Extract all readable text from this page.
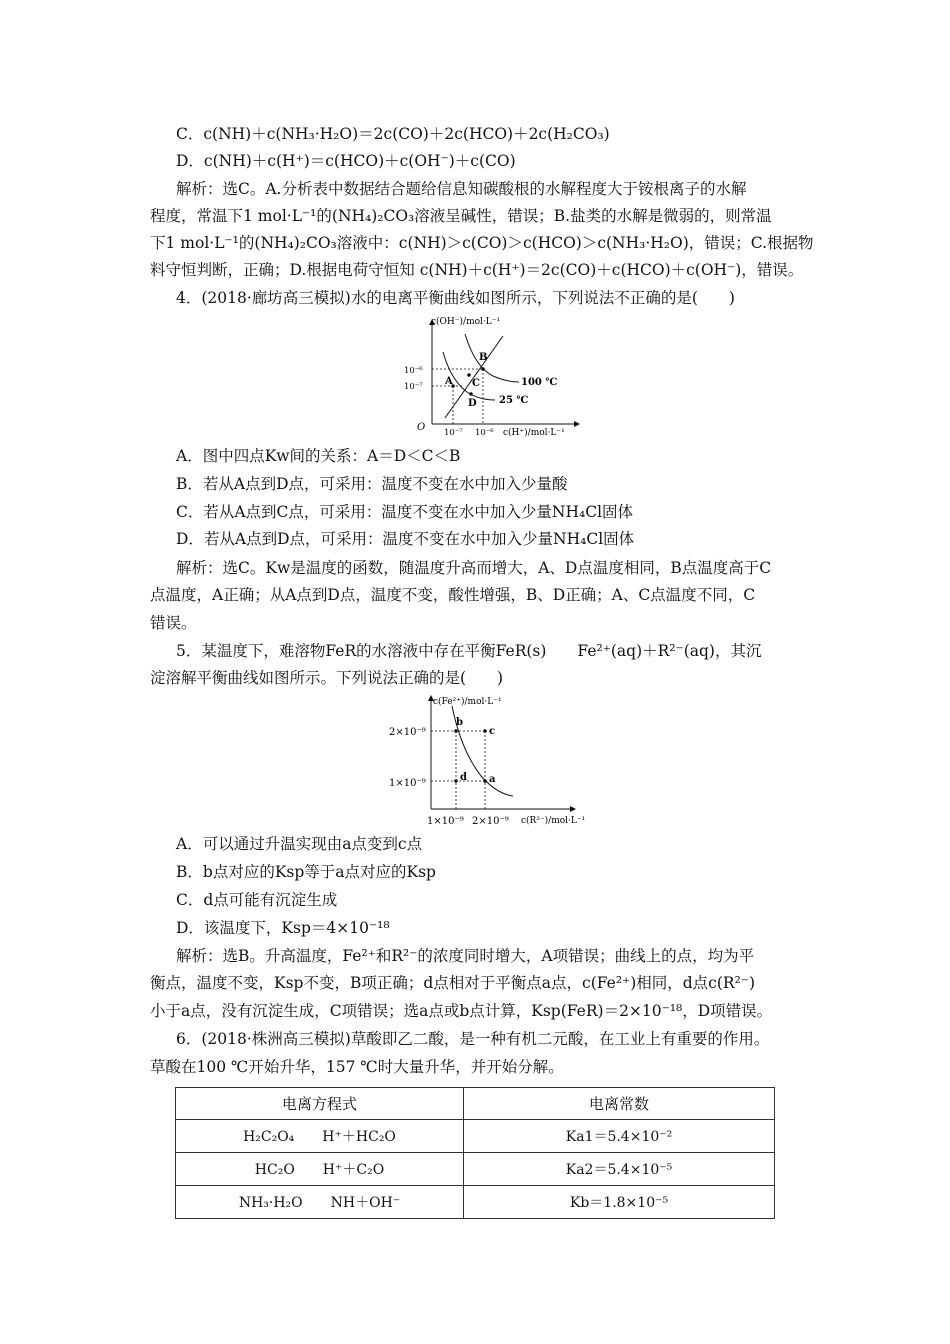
C．c(NH)＋c(NH₃·H₂O)＝2c(CO)＋2c(HCO)＋2c(H₂CO₃)
D．c(NH)＋c(H⁺)＝c(HCO)＋c(OH⁻)＋c(CO)
解析：选C。A.分析表中数据结合题给信息知碳酸根的水解程度大于铵根离子的水解
程度，常温下1 mol·L⁻¹的(NH₄)₂CO₃溶液呈碱性，错误；B.盐类的水解是微弱的，则常温
下1 mol·L⁻¹的(NH₄)₂CO₃溶液中：c(NH)＞c(CO)＞c(HCO)＞c(NH₃·H₂O)，错误；C.根据物
料守恒判断，正确；D.根据电荷守恒知 c(NH)＋c(H⁺)＝2c(CO)＋c(HCO)＋c(OH⁻)，错误。
4．(2018·廊坊高三模拟)水的电离平衡曲线如图所示，下列说法不正确的是(　　)
c(OH⁻)/mol·L⁻¹
c(H⁺)/mol·L⁻¹
O
10⁻⁶
10⁻⁷
10⁻⁷ 10⁻⁶
B
A C
D
100 ℃
25 ℃
A．图中四点Kw间的关系：A＝D＜C＜B
B．若从A点到D点，可采用：温度不变在水中加入少量酸
C．若从A点到C点，可采用：温度不变在水中加入少量NH₄Cl固体
D．若从A点到D点，可采用：温度不变在水中加入少量NH₄Cl固体
解析：选C。Kw是温度的函数，随温度升高而增大，A、D点温度相同，B点温度高于C
点温度，A正确；从A点到D点，温度不变，酸性增强，B、D正确；A、C点温度不同，C
错误。
5．某温度下，难溶物FeR的水溶液中存在平衡FeR(s)　　Fe²⁺(aq)＋R²⁻(aq)，其沉
淀溶解平衡曲线如图所示。下列说法正确的是(　　)
c(Fe²⁺)/mol·L⁻¹
c(R²⁻)/mol·L⁻¹
2×10⁻⁹
1×10⁻⁹
1×10⁻⁹ 2×10⁻⁹
b
c
a
d
A．可以通过升温实现由a点变到c点
B．b点对应的Ksp等于a点对应的Ksp
C．d点可能有沉淀生成
D．该温度下，Ksp＝4×10⁻¹⁸
解析：选B。升高温度，Fe²⁺和R²⁻的浓度同时增大，A项错误；曲线上的点，均为平
衡点，温度不变，Ksp不变，B项正确；d点相对于平衡点a点，c(Fe²⁺)相同，d点c(R²⁻)
小于a点，没有沉淀生成，C项错误；选a点或b点计算，Ksp(FeR)＝2×10⁻¹⁸，D项错误。
6．(2018·株洲高三模拟)草酸即乙二酸，是一种有机二元酸，在工业上有重要的作用。
草酸在100 ℃开始升华，157 ℃时大量升华，并开始分解。
电离方程式	电离常数
H₂C₂O₄　　H⁺＋HC₂O	Ka1＝5.4×10⁻²
HC₂O　　H⁺＋C₂O	Ka2＝5.4×10⁻⁵
NH₃·H₂O　　NH＋OH⁻	Kb＝1.8×10⁻⁵
